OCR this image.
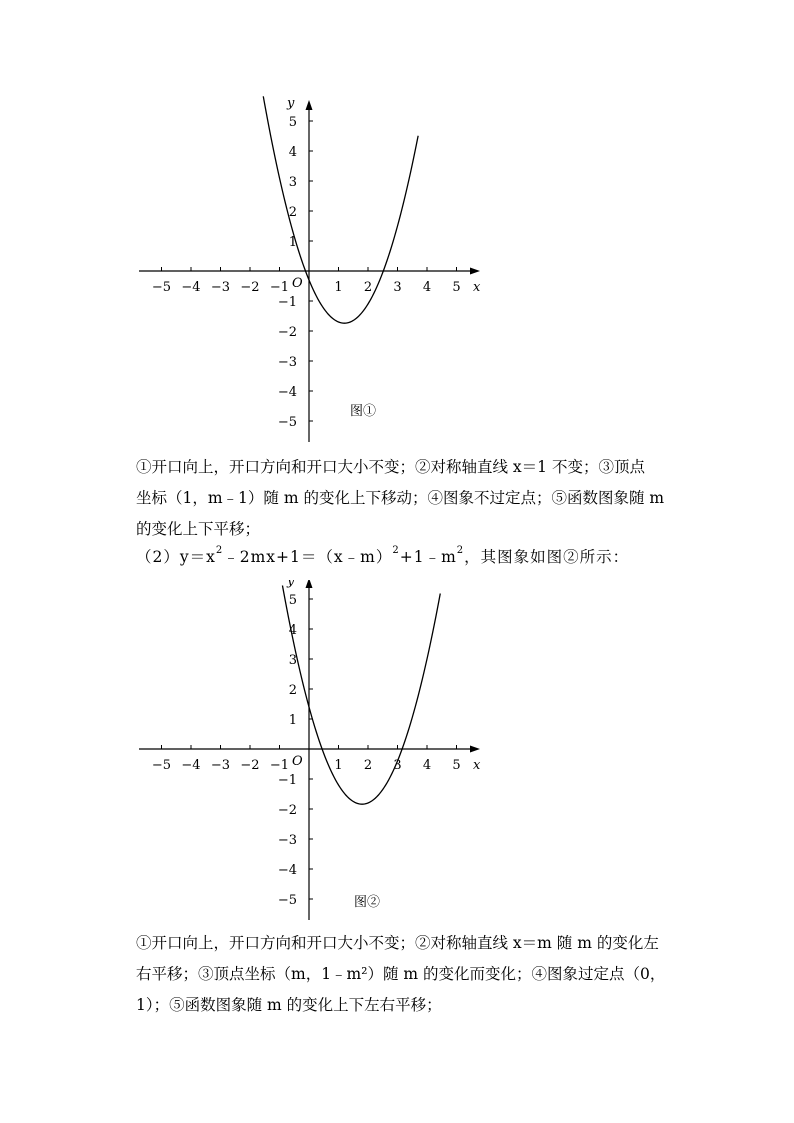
−5 −4 −3 −2 −1	1 2 3 4 5
5
4
3
2
1
−1
−2
−3
−4
−5
x
y
O
图①
①开口向上，开口方向和开口大小不变；②对称轴直线 x＝1 不变；③顶点
坐标（1，m﹣1）随 m 的变化上下移动；④图象不过定点；⑤函数图象随 m
的变化上下平移；
$(2)y=x^2﹣2mx+1=(x﹣m)^2+1﹣m^2$，其图象如图②所示：
−5 −4 −3 −2 −1	1 2 3 4 5
5
4
3
2
1
−1
−2
−3
−4
−5
x
y
O
图②
①开口向上，开口方向和开口大小不变；②对称轴直线 x＝m 随 m 的变化左
右平移；③顶点坐标（m，1﹣m²）随 m 的变化而变化；④图象过定点（0，
1）；⑤函数图象随 m 的变化上下左右平移；
